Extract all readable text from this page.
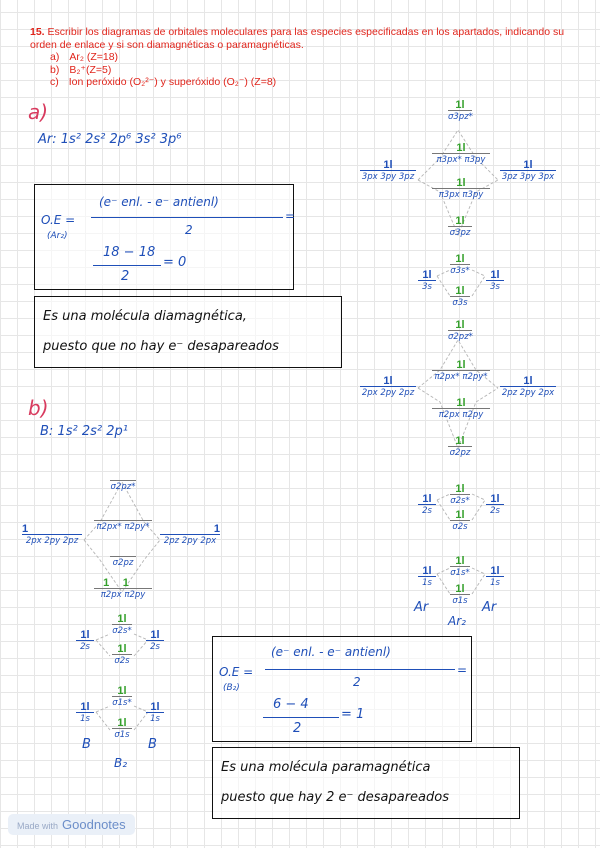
15. Escribir los diagramas de orbitales moleculares para las especies especificadas en los apartados, indicando su orden de enlace y si son diamagnéticas o paramagnéticas.
a) Ar₂ (Z=18)
b) B₂⁺(Z=5)
c) Ion peróxido (O₂²⁻) y superóxido (O₂⁻) (Z=8)
a)
Ar: 1s² 2s² 2p⁶ 3s² 3p⁶
O.E =
(Ar₂)
(e⁻ enl. - e⁻ antienl)
2
=
18 − 18
2
= 0
Es una molécula diamagnética,
puesto que no hay e⁻ desapareados
b)
B: 1s² 2s² 2p¹
O.E =
(B₂)
(e⁻ enl. - e⁻ antienl)
2
=
6 − 4
2
= 1
Es una molécula paramagnética
puesto que hay 2 e⁻ desapareados
1l
σ3pz*
1l
π3px* π3py
1l
π3px π3py
1l
σ3pz
1l
3px 3py 3pz
1l
3pz 3py 3px
1l
σ3s*
1l
σ3s
1l
3s
1l
3s
1l
σ2pz*
1l
π2px* π2py*
1l
π2px π2py
1l
σ2pz
1l
2px 2py 2pz
1l
2pz 2py 2px
1l
σ2s*
1l
σ2s
1l
2s
1l
2s
1l
σ1s*
1l
σ1s
1l
1s
1l
1s
Ar	Ar
Ar₂

σ2pz*

π2px* π2py*

σ2pz
11
π2px π2py
1
2px 2py 2pz
1
2pz 2py 2px
1l
σ2s*
1l
σ2s
1l
2s
1l
2s
1l
σ1s*
1l
σ1s
1l
1s
1l
1s
B	B
B₂
Made with Goodnotes
